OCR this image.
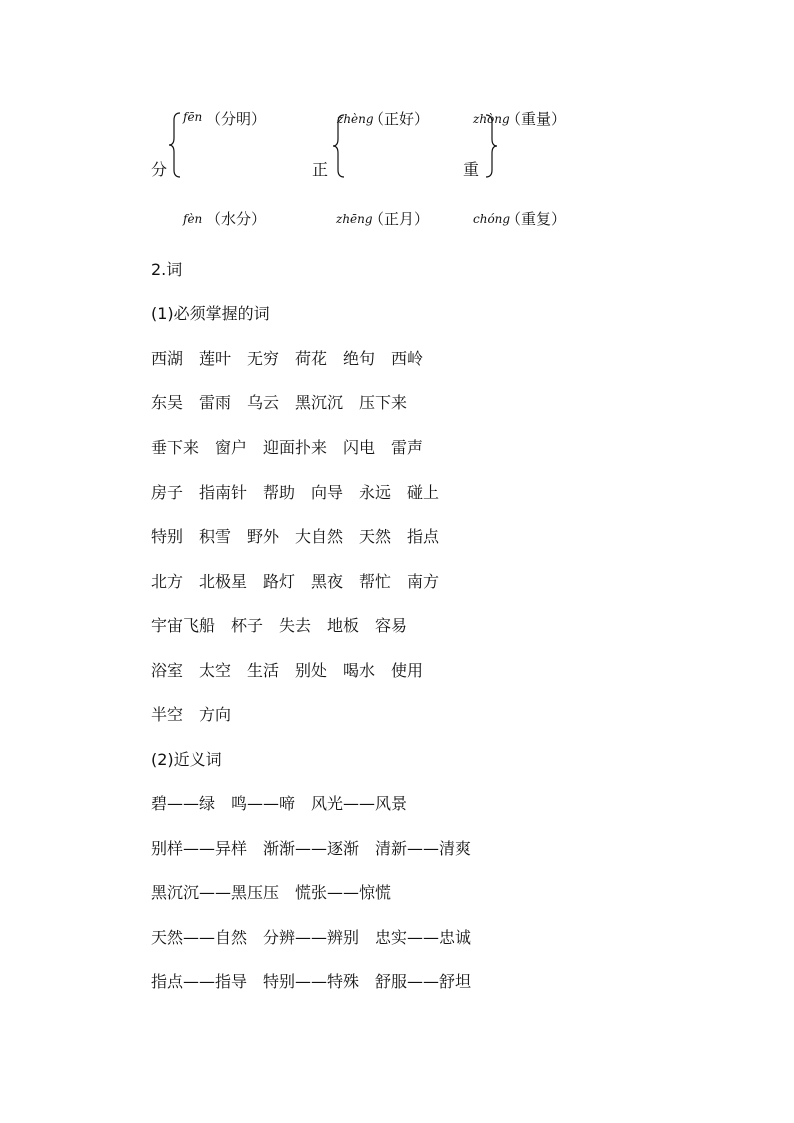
fēn （分明）
分
fèn （水分）
zhèng
（正好）
正
zhēng
（正月）
zhòng
（重量）
重
chóng
（重复）
2.词
(1)必须掌握的词
西湖　莲叶　无穷　荷花　绝句　西岭
东吴　雷雨　乌云　黑沉沉　压下来
垂下来　窗户　迎面扑来　闪电　雷声
房子　指南针　帮助　向导　永远　碰上
特别　积雪　野外　大自然　天然　指点
北方　北极星　路灯　黑夜　帮忙　南方
宇宙飞船　杯子　失去　地板　容易
浴室　太空　生活　别处　喝水　使用
半空　方向
(2)近义词
碧——绿　鸣——啼　风光——风景
别样——异样　渐渐——逐渐　清新——清爽
黑沉沉——黑压压　慌张——惊慌
天然——自然　分辨——辨别　忠实——忠诚
指点——指导　特别——特殊　舒服——舒坦
